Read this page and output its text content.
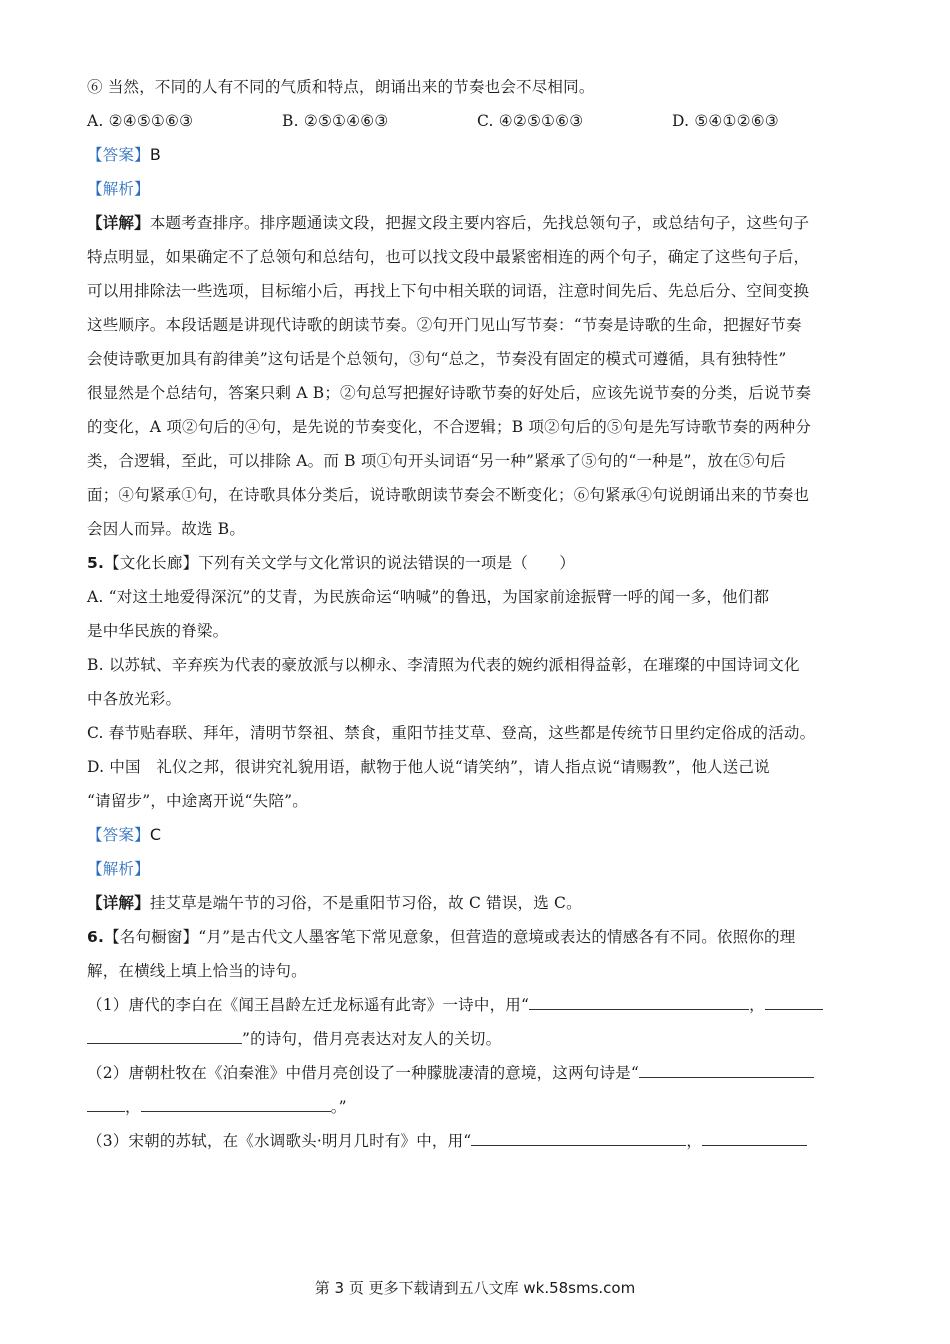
⑥ 当然，不同的人有不同的气质和特点，朗诵出来的节奏也会不尽相同。
A. ②④⑤①⑥③	B. ②⑤①④⑥③	C. ④②⑤①⑥③	D. ⑤④①②⑥③
【答案】B
【解析】
【详解】本题考查排序。排序题通读文段，把握文段主要内容后，先找总领句子，或总结句子，这些句子
特点明显，如果确定不了总领句和总结句，也可以找文段中最紧密相连的两个句子，确定了这些句子后，
可以用排除法一些选项，目标缩小后，再找上下句中相关联的词语，注意时间先后、先总后分、空间变换
这些顺序。本段话题是讲现代诗歌的朗读节奏。②句开门见山写节奏：“节奏是诗歌的生命，把握好节奏
会使诗歌更加具有韵律美”这句话是个总领句，③句“总之，节奏没有固定的模式可遵循，具有独特性”
很显然是个总结句，答案只剩 A B；②句总写把握好诗歌节奏的好处后，应该先说节奏的分类，后说节奏
的变化，A 项②句后的④句，是先说的节奏变化，不合逻辑；B 项②句后的⑤句是先写诗歌节奏的两种分
类，合逻辑，至此，可以排除 A。而 B 项①句开头词语“另一种”紧承了⑤句的“一种是”，放在⑤句后
面；④句紧承①句，在诗歌具体分类后，说诗歌朗读节奏会不断变化；⑥句紧承④句说朗诵出来的节奏也
会因人而异。故选 B。
5.【文化长廊】下列有关文学与文化常识的说法错误的一项是（　　）
A. “对这土地爱得深沉”的艾青，为民族命运“呐喊”的鲁迅，为国家前途振臂一呼的闻一多，他们都
是中华民族的脊梁。
B. 以苏轼、辛弃疾为代表的豪放派与以柳永、李清照为代表的婉约派相得益彰，在璀璨的中国诗词文化
中各放光彩。
C. 春节贴春联、拜年，清明节祭祖、禁食，重阳节挂艾草、登高，这些都是传统节日里约定俗成的活动。
D. 中国　礼仪之邦，很讲究礼貌用语，献物于他人说“请笑纳”，请人指点说“请赐教”，他人送己说
“请留步”，中途离开说“失陪”。
【答案】C
【解析】
【详解】挂艾草是端午节的习俗，不是重阳节习俗，故 C 错误，选 C。
6.【名句橱窗】“月”是古代文人墨客笔下常见意象，但营造的意境或表达的情感各有不同。依照你的理
解，在横线上填上恰当的诗句。
（1）唐代的李白在《闻王昌龄左迁龙标遥有此寄》一诗中，用“	，
”的诗句，借月亮表达对友人的关切。
（2）唐朝杜牧在《泊秦淮》中借月亮创设了一种朦胧凄清的意境，这两句诗是“
，	。”
（3）宋朝的苏轼，在《水调歌头·明月几时有》中，用“	，
第 3 页 更多下载请到五八文库 wk.58sms.com
